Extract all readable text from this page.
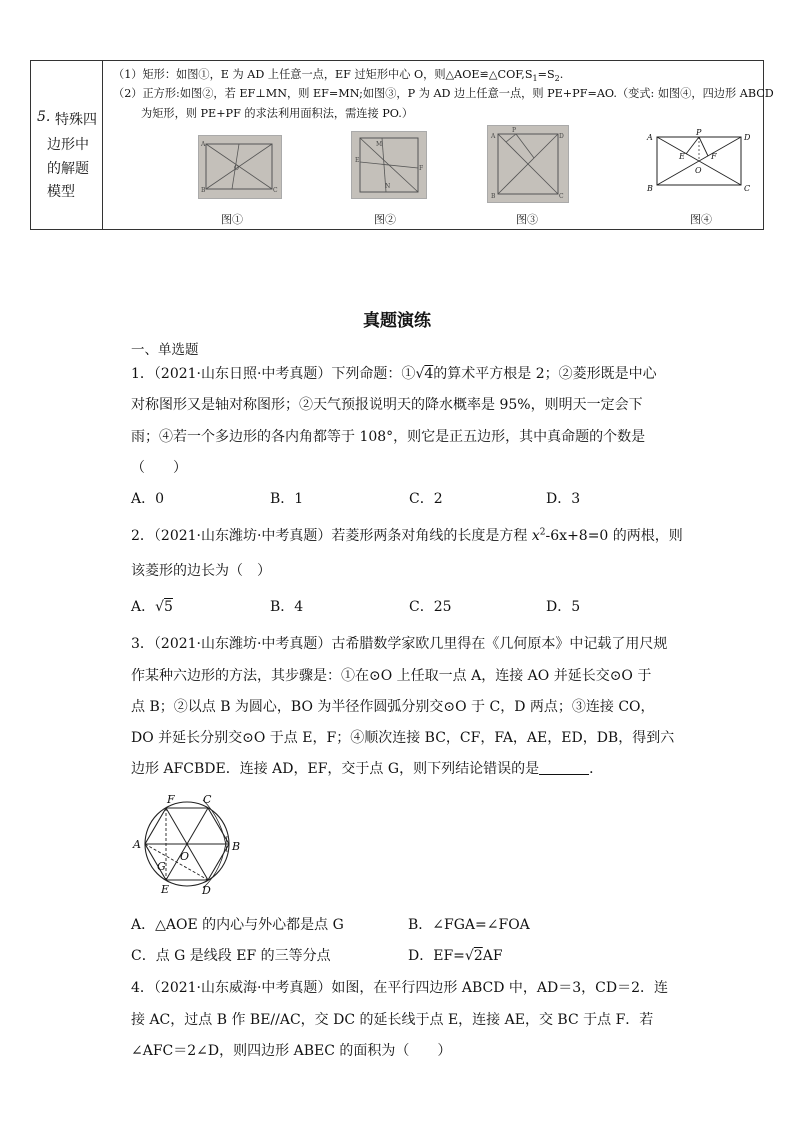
5. 特殊四
边形中
的解题
模型
（1）矩形：如图①，E 为 AD 上任意一点，EF 过矩形中心 O，则$\triangle AOE≌\triangle COF,S_1=S_2$.
（2）正方形:如图②，若 EF⊥MN，则 EF=MN;如图③，P 为 AD 边上任意一点，则 PE+PF=AO.（变式: 如图④，四边形 ABCD
为矩形，则 PE+PF 的求法利用面积法，需连接 PO.）
A
O
B	C
图①
M
N
E
F
图②
A
P
D
B	C
图③
A
P
D
E	F
O
B	C
图④
真题演练
一、单选题
1．（2021·山东日照·中考真题）下列命题：①√4的算术平方根是 2；②菱形既是中心
对称图形又是轴对称图形；②天气预报说明天的降水概率是 95%，则明天一定会下
雨；④若一个多边形的各内角都等于 108°，则它是正五边形，其中真命题的个数是
（　　）
A．0	B．1	C．2	D．3
2．（2021·山东潍坊·中考真题）若菱形两条对角线的长度是方程 $x^2-6x+8=0$ 的两根，则
该菱形的边长为（　）
A．√5	B．4	C．25	D．5
3．（2021·山东潍坊·中考真题）古希腊数学家欧几里得在《几何原本》中记载了用尺规
作某种六边形的方法，其步骤是：①在⊙O 上任取一点 A，连接 AO 并延长交⊙O 于
点 B；②以点 B 为圆心，BO 为半径作圆弧分别交⊙O 于 C，D 两点；③连接 CO，
DO 并延长分别交⊙O 于点 E，F；④顺次连接 BC，CF，FA，AE，ED，DB，得到六
边形 AFCBDE．连接 AD，EF，交于点 G，则下列结论错误的是	．
F	C
A	B
G
O
E	D
A．△AOE 的内心与外心都是点 G	B．∠FGA=∠FOA
C．点 G 是线段 EF 的三等分点	D．EF=√2AF
4．（2021·山东威海·中考真题）如图，在平行四边形 ABCD 中，AD＝3，CD＝2．连
接 AC，过点 B 作 BE//AC，交 DC 的延长线于点 E，连接 AE，交 BC 于点 F．若
∠AFC＝2∠D，则四边形 ABEC 的面积为（　　）
